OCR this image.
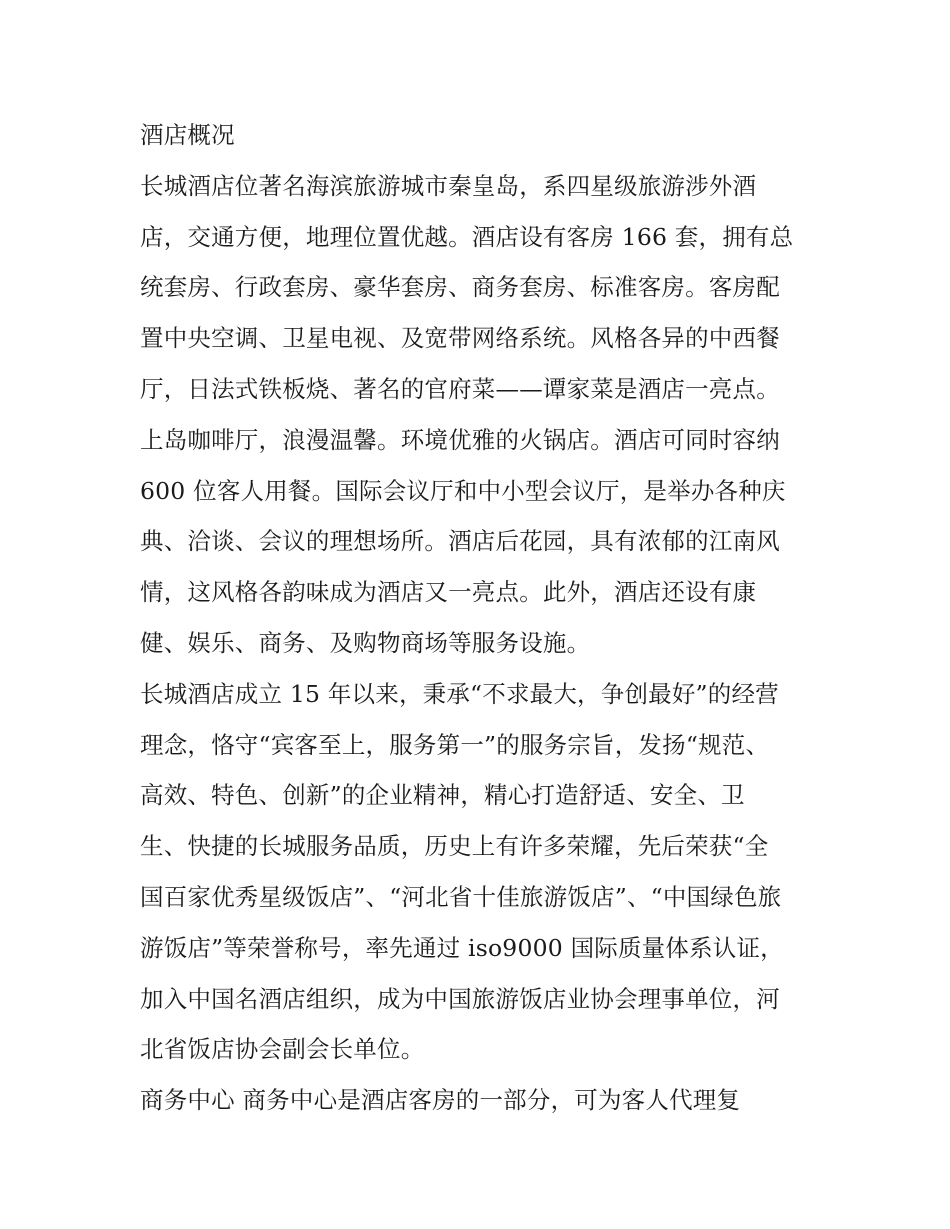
酒店概况
长城酒店位著名海滨旅游城市秦皇岛，系四星级旅游涉外酒
店，交通方便，地理位置优越。酒店设有客房 166 套，拥有总
统套房、行政套房、豪华套房、商务套房、标准客房。客房配
置中央空调、卫星电视、及宽带网络系统。风格各异的中西餐
厅，日法式铁板烧、著名的官府菜——谭家菜是酒店一亮点。
上岛咖啡厅，浪漫温馨。环境优雅的火锅店。酒店可同时容纳
600 位客人用餐。国际会议厅和中小型会议厅，是举办各种庆
典、洽谈、会议的理想场所。酒店后花园，具有浓郁的江南风
情，这风格各韵味成为酒店又一亮点。此外，酒店还设有康
健、娱乐、商务、及购物商场等服务设施。
长城酒店成立 15 年以来，秉承“不求最大，争创最好”的经营
理念，恪守“宾客至上，服务第一”的服务宗旨，发扬“规范、
高效、特色、创新”的企业精神，精心打造舒适、安全、卫
生、快捷的长城服务品质，历史上有许多荣耀，先后荣获“全
国百家优秀星级饭店”、“河北省十佳旅游饭店”、“中国绿色旅
游饭店”等荣誉称号，率先通过 iso9000 国际质量体系认证，
加入中国名酒店组织，成为中国旅游饭店业协会理事单位，河
北省饭店协会副会长单位。
商务中心 商务中心是酒店客房的一部分，可为客人代理复
